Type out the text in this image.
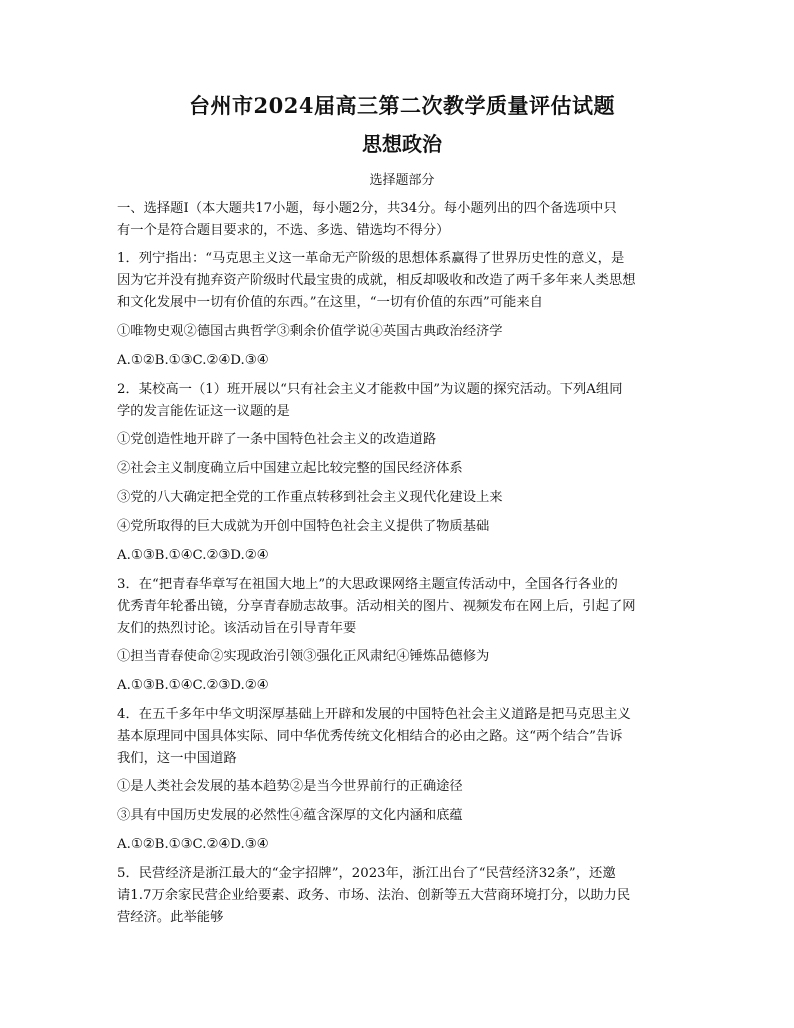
台州市2024届高三第二次教学质量评估试题
思想政治
选择题部分
一、选择题Ⅰ（本大题共17小题，每小题2分，共34分。每小题列出的四个备选项中只
有一个是符合题目要求的，不选、多选、错选均不得分）
1．列宁指出：“马克思主义这一革命无产阶级的思想体系赢得了世界历史性的意义，是
因为它并没有抛弃资产阶级时代最宝贵的成就，相反却吸收和改造了两千多年来人类思想
和文化发展中一切有价值的东西。”在这里，“一切有价值的东西”可能来自
①唯物史观②德国古典哲学③剩余价值学说④英国古典政治经济学
A.①②B.①③C.②④D.③④
2．某校高一（1）班开展以“只有社会主义才能救中国”为议题的探究活动。下列A组同
学的发言能佐证这一议题的是
①党创造性地开辟了一条中国特色社会主义的改造道路
②社会主义制度确立后中国建立起比较完整的国民经济体系
③党的八大确定把全党的工作重点转移到社会主义现代化建设上来
④党所取得的巨大成就为开创中国特色社会主义提供了物质基础
A.①③B.①④C.②③D.②④
3．在“把青春华章写在祖国大地上”的大思政课网络主题宣传活动中，全国各行各业的
优秀青年轮番出镜，分享青春励志故事。活动相关的图片、视频发布在网上后，引起了网
友们的热烈讨论。该活动旨在引导青年要
①担当青春使命②实现政治引领③强化正风肃纪④锤炼品德修为
A.①③B.①④C.②③D.②④
4．在五千多年中华文明深厚基础上开辟和发展的中国特色社会主义道路是把马克思主义
基本原理同中国具体实际、同中华优秀传统文化相结合的必由之路。这“两个结合”告诉
我们，这一中国道路
①是人类社会发展的基本趋势②是当今世界前行的正确途径
③具有中国历史发展的必然性④蕴含深厚的文化内涵和底蕴
A.①②B.①③C.②④D.③④
5．民营经济是浙江最大的“金字招牌”，2023年，浙江出台了“民营经济32条”，还邀
请1.7万余家民营企业给要素、政务、市场、法治、创新等五大营商环境打分，以助力民
营经济。此举能够
